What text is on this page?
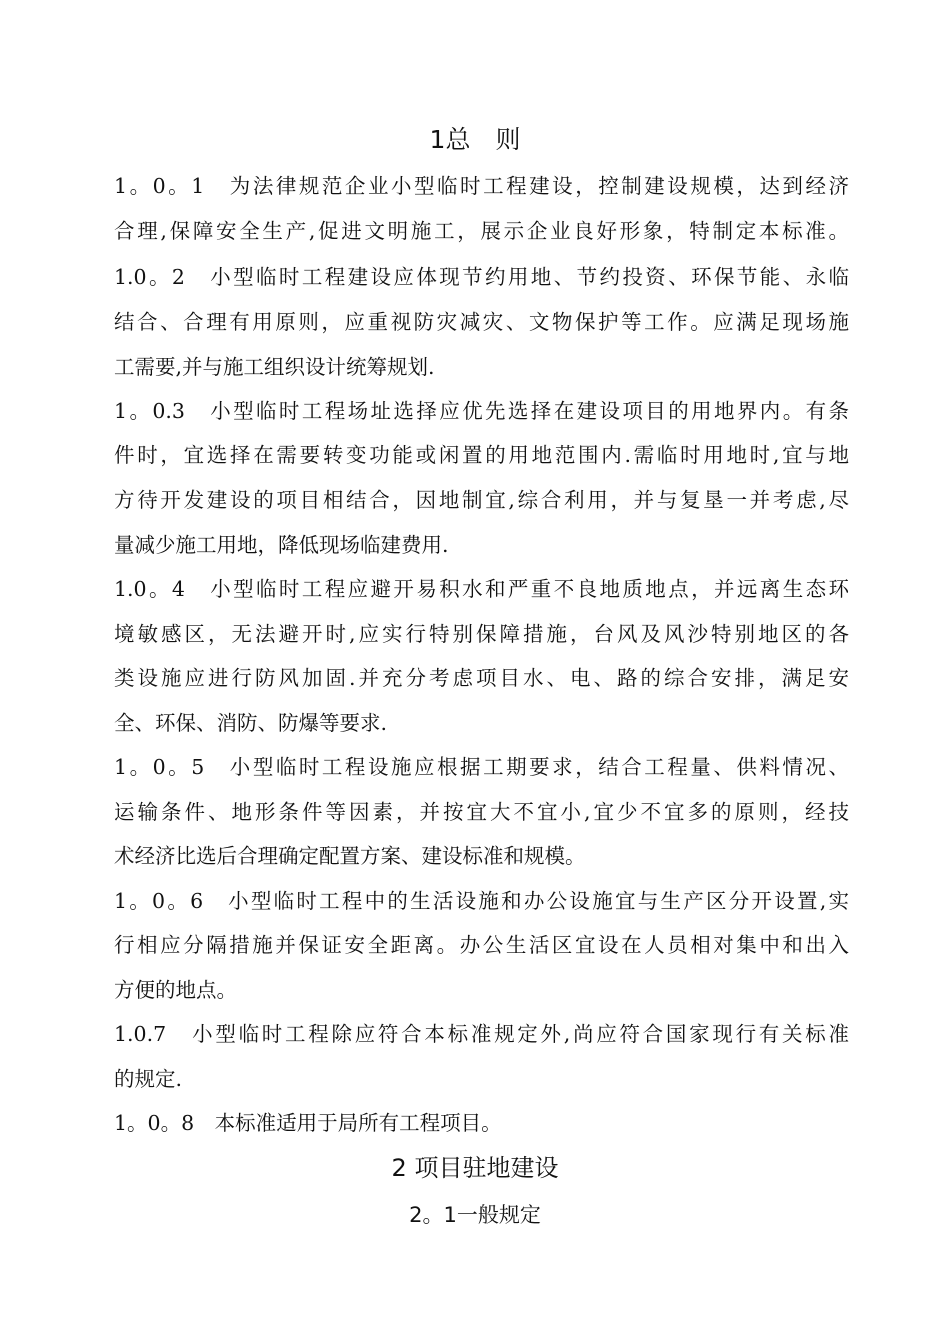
1总　则
1。0。1　为法律规范企业小型临时工程建设，控制建设规模，达到经济
合理,保障安全生产,促进文明施工，展示企业良好形象，特制定本标准。
1.0。2　小型临时工程建设应体现节约用地、节约投资、环保节能、永临
结合、合理有用原则，应重视防灾减灾、文物保护等工作。应满足现场施
工需要,并与施工组织设计统筹规划.
1。0.3　小型临时工程场址选择应优先选择在建设项目的用地界内。有条
件时，宜选择在需要转变功能或闲置的用地范围内.需临时用地时,宜与地
方待开发建设的项目相结合，因地制宜,综合利用，并与复垦一并考虑,尽
量减少施工用地，降低现场临建费用.
1.0。4　小型临时工程应避开易积水和严重不良地质地点，并远离生态环
境敏感区，无法避开时,应实行特别保障措施，台风及风沙特别地区的各
类设施应进行防风加固.并充分考虑项目水、电、路的综合安排，满足安
全、环保、消防、防爆等要求.
1。0。5　小型临时工程设施应根据工期要求，结合工程量、供料情况、
运输条件、地形条件等因素，并按宜大不宜小,宜少不宜多的原则，经技
术经济比选后合理确定配置方案、建设标准和规模。
1。0。6　小型临时工程中的生活设施和办公设施宜与生产区分开设置,实
行相应分隔措施并保证安全距离。办公生活区宜设在人员相对集中和出入
方便的地点。
1.0.7　小型临时工程除应符合本标准规定外,尚应符合国家现行有关标准
的规定.
1。0。8　本标准适用于局所有工程项目。
2 项目驻地建设
2。1一般规定
